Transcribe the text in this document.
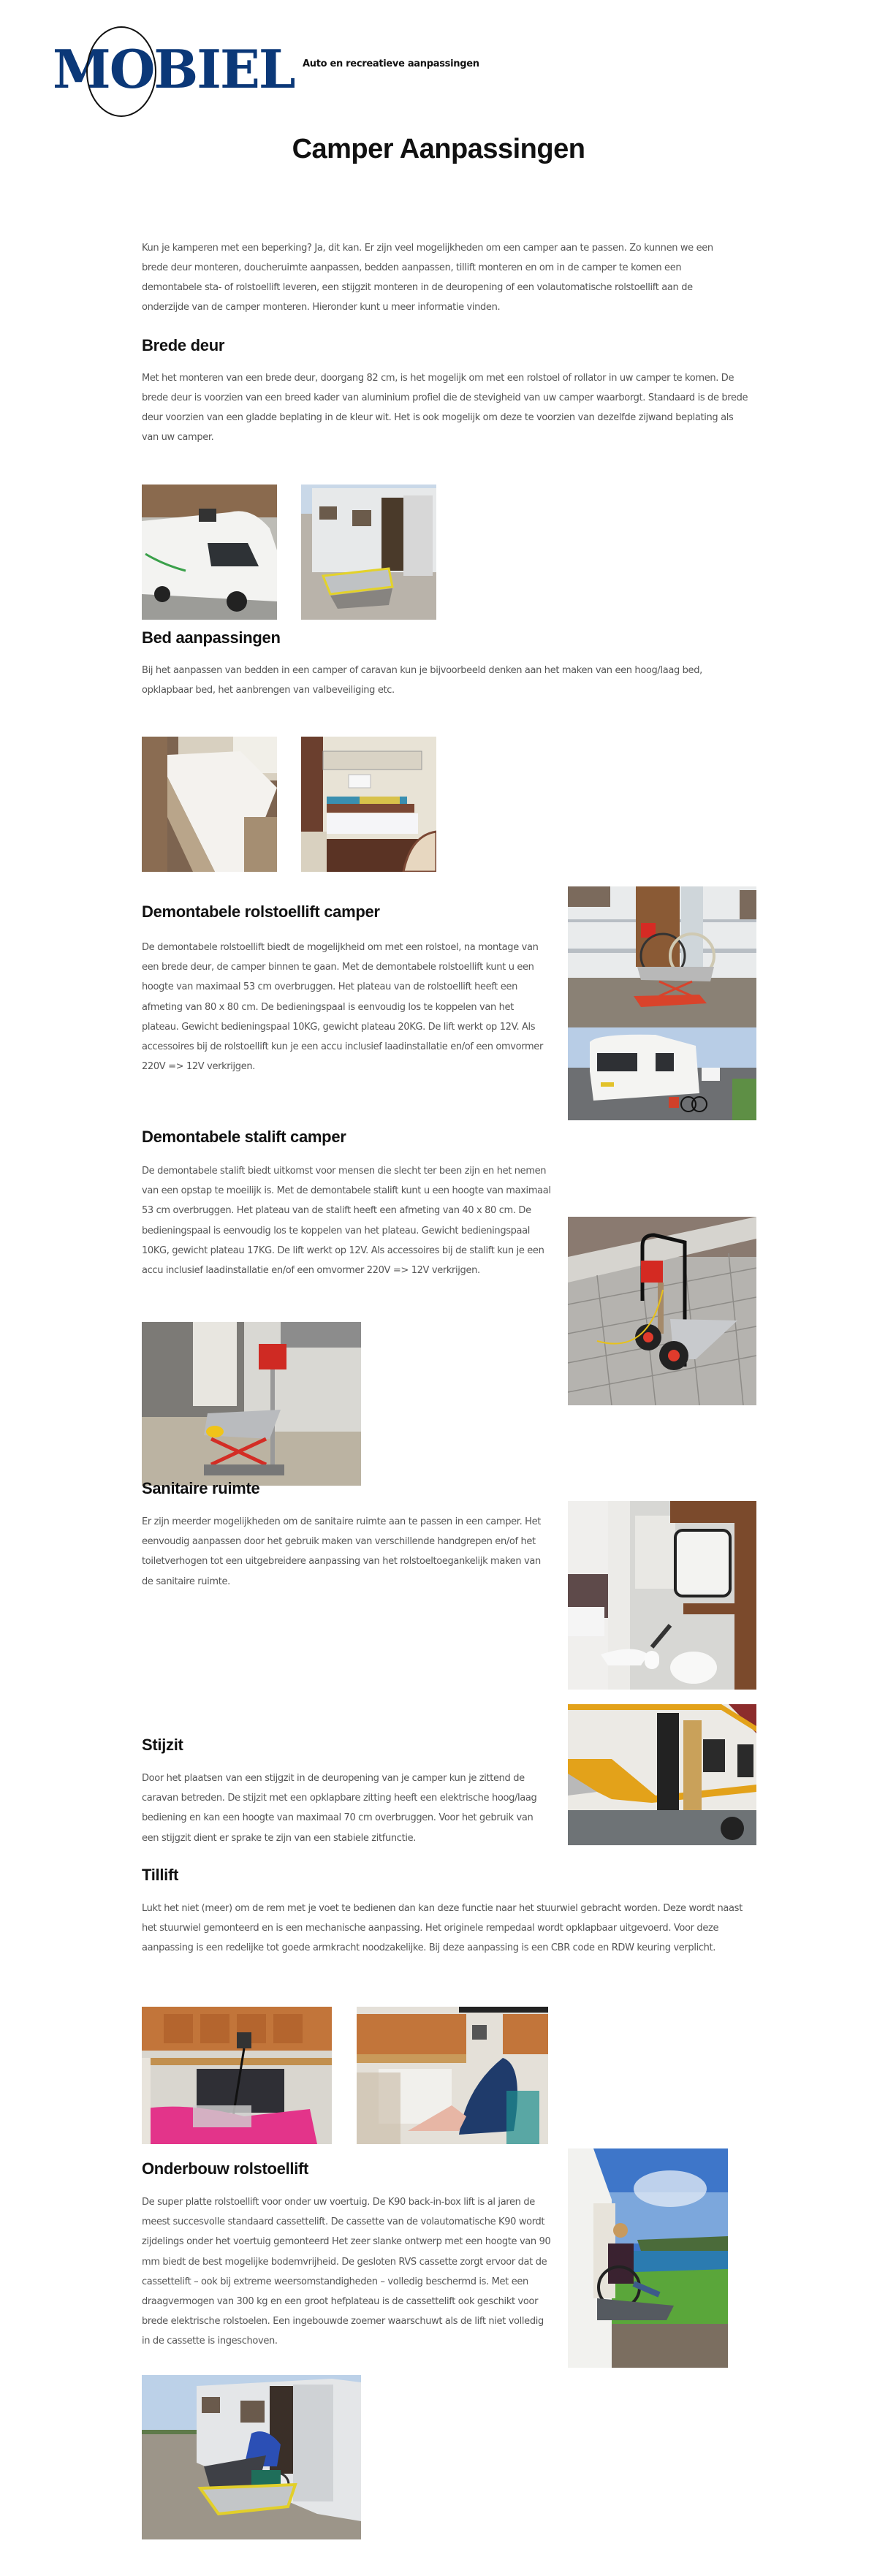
MOBIEL Auto en recreatieve aanpassingen
Camper Aanpassingen

Kun je kamperen met een beperking? Ja, dit kan. Er zijn veel mogelijkheden om een camper aan te passen. Zo kunnen we een brede deur monteren, doucheruimte aanpassen, bedden aanpassen, tillift monteren en om in de camper te komen een demontabele sta- of rolstoellift leveren, een stijgzit monteren in de deuropening of een volautomatische rolstoellift aan de onderzijde van de camper monteren. Hieronder kunt u meer informatie vinden.

Brede deur

Met het monteren van een brede deur, doorgang 82 cm, is het mogelijk om met een rolstoel of rollator in uw camper te komen. De brede deur is voorzien van een breed kader van aluminium profiel die de stevigheid van uw camper waarborgt. Standaard is de brede deur voorzien van een gladde beplating in de kleur wit. Het is ook mogelijk om deze te voorzien van dezelfde zijwand beplating als van uw camper.

Bed aanpassingen

Bij het aanpassen van bedden in een camper of caravan kun je bijvoorbeeld denken aan het maken van een hoog/laag bed, opklapbaar bed, het aanbrengen van valbeveiliging etc.

Demontabele rolstoellift camper

De demontabele rolstoellift biedt de mogelijkheid om met een rolstoel, na montage van een brede deur, de camper binnen te gaan. Met de demontabele rolstoellift kunt u een hoogte van maximaal 53 cm overbruggen. Het plateau van de rolstoellift heeft een afmeting van 80 x 80 cm. De bedieningspaal is eenvoudig los te koppelen van het plateau. Gewicht bedieningspaal 10KG, gewicht plateau 20KG. De lift werkt op 12V. Als accessoires bij de rolstoellift kun je een accu inclusief laadinstallatie en/of een omvormer 220V => 12V verkrijgen.

Demontabele stalift camper

De demontabele stalift biedt uitkomst voor mensen die slecht ter been zijn en het nemen van een opstap te moeilijk is. Met de demontabele stalift kunt u een hoogte van maximaal 53 cm overbruggen. Het plateau van de stalift heeft een afmeting van 40 x 80 cm. De bedieningspaal is eenvoudig los te koppelen van het plateau. Gewicht bedieningspaal 10KG, gewicht plateau 17KG. De lift werkt op 12V. Als accessoires bij de stalift kun je een accu inclusief laadinstallatie en/of een omvormer 220V => 12V verkrijgen.

Sanitaire ruimte

Er zijn meerder mogelijkheden om de sanitaire ruimte aan te passen in een camper. Het eenvoudig aanpassen door het gebruik maken van verschillende handgrepen en/of het toiletverhogen tot een uitgebreidere aanpassing van het rolstoeltoegankelijk maken van de sanitaire ruimte.

Stijzit

Door het plaatsen van een stijgzit in de deuropening van je camper kun je zittend de caravan betreden. De stijzit met een opklapbare zitting heeft een elektrische hoog/laag bediening en kan een hoogte van maximaal 70 cm overbruggen. Voor het gebruik van een stijgzit dient er sprake te zijn van een stabiele zitfunctie.

Tillift

Lukt het niet (meer) om de rem met je voet te bedienen dan kan deze functie naar het stuurwiel gebracht worden. Deze wordt naast het stuurwiel gemonteerd en is een mechanische aanpassing. Het originele rempedaal wordt opklapbaar uitgevoerd. Voor deze aanpassing is een redelijke tot goede armkracht noodzakelijke. Bij deze aanpassing is een CBR code en RDW keuring verplicht.

Onderbouw rolstoellift

De super platte rolstoellift voor onder uw voertuig. De K90 back-in-box lift is al jaren de meest succesvolle standaard cassettelift. De cassette van de volautomatische K90 wordt zijdelings onder het voertuig gemonteerd Het zeer slanke ontwerp met een hoogte van 90 mm biedt de best mogelijke bodemvrijheid. De gesloten RVS cassette zorgt ervoor dat de cassettelift – ook bij extreme weersomstandigheden – volledig beschermd is. Met een draagvermogen van 300 kg en een groot hefplateau is de cassettelift ook geschikt voor brede elektrische rolstoelen. Een ingebouwde zoemer waarschuwt als de lift niet volledig in de cassette is ingeschoven.
